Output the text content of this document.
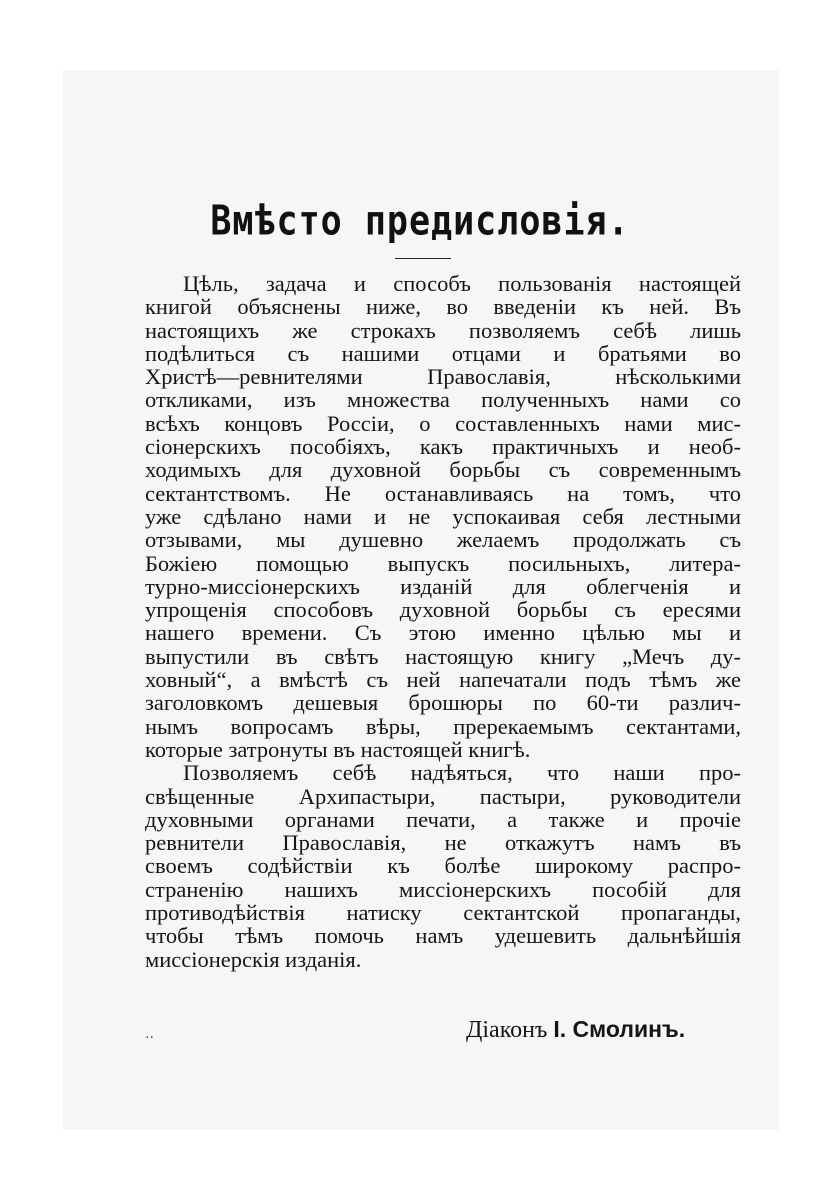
Вмѣсто предисловія.
Цѣль, задача и способъ пользованія настоящей
книгой объяснены ниже, во введеніи къ ней. Въ
настоящихъ же строкахъ позволяемъ себѣ лишь
подѣлиться съ нашими отцами и братьями во
Христѣ—ревнителями Православія, нѣсколькими
откликами, изъ множества полученныхъ нами со
всѣхъ концовъ Россіи, о составленныхъ нами мис-
сіонерскихъ пособіяхъ, какъ практичныхъ и необ-
ходимыхъ для духовной борьбы съ современнымъ
сектантствомъ. Не останавливаясь на томъ, что
уже сдѣлано нами и не успокаивая себя лестными
отзывами, мы душевно желаемъ продолжать съ
Божіею помощью выпускъ посильныхъ, литера-
турно-миссіонерскихъ изданій для облегченія и
упрощенія способовъ духовной борьбы съ ересями
нашего времени. Съ этою именно цѣлью мы и
выпустили въ свѣтъ настоящую книгу „Мечъ ду-
ховный“, а вмѣстѣ съ ней напечатали подъ тѣмъ же
заголовкомъ дешевыя брошюры по 60-ти различ-
нымъ вопросамъ вѣры, пререкаемымъ сектантами,
которые затронуты въ настоящей книгѣ.
Позволяемъ себѣ надѣяться, что наши про-
свѣщенные Архипастыри, пастыри, руководители
духовными органами печати, а также и прочіе
ревнители Православія, не откажутъ намъ въ
своемъ содѣйствіи къ болѣе широкому распро-
страненію нашихъ миссіонерскихъ пособій для
противодѣйствія натиску сектантской пропаганды,
чтобы тѣмъ помочь намъ удешевить дальнѣйшія
миссіонерскія изданія.
..	Діаконъ І. Смолинъ.
